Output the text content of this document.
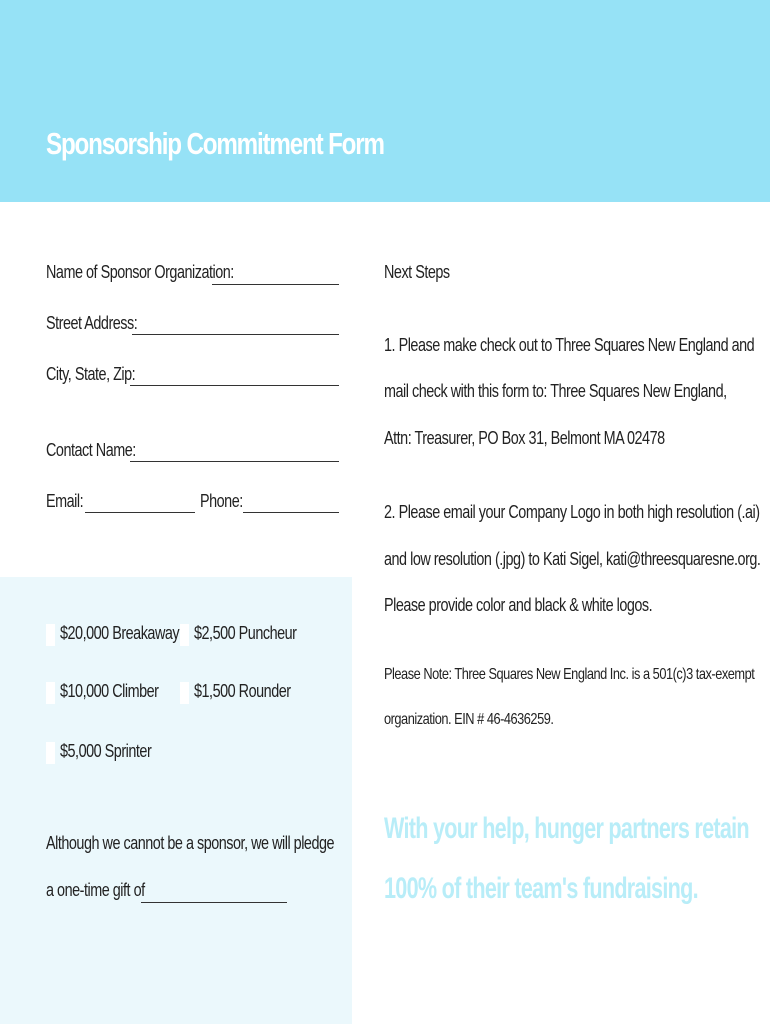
Sponsorship Commitment Form
Name of Sponsor Organization:
Street Address:
City, State, Zip:
Contact Name:
Email:	Phone:
$20,000 Breakaway $2,500 Puncheur
$10,000 Climber $1,500 Rounder
$5,000 Sprinter
Although we cannot be a sponsor, we will pledge
a one-time gift of
Next Steps
1. Please make check out to Three Squares New England and
mail check with this form to: Three Squares New England,
Attn: Treasurer, PO Box 31, Belmont MA 02478
2. Please email your Company Logo in both high resolution (.ai)
and low resolution (.jpg) to Kati Sigel, kati@threesquaresne.org.
Please provide color and black & white logos.
Please Note: Three Squares New England Inc. is a 501(c)3 tax-exempt
organization. EIN # 46-4636259.
With your help, hunger partners retain
100% of their team's fundraising.
